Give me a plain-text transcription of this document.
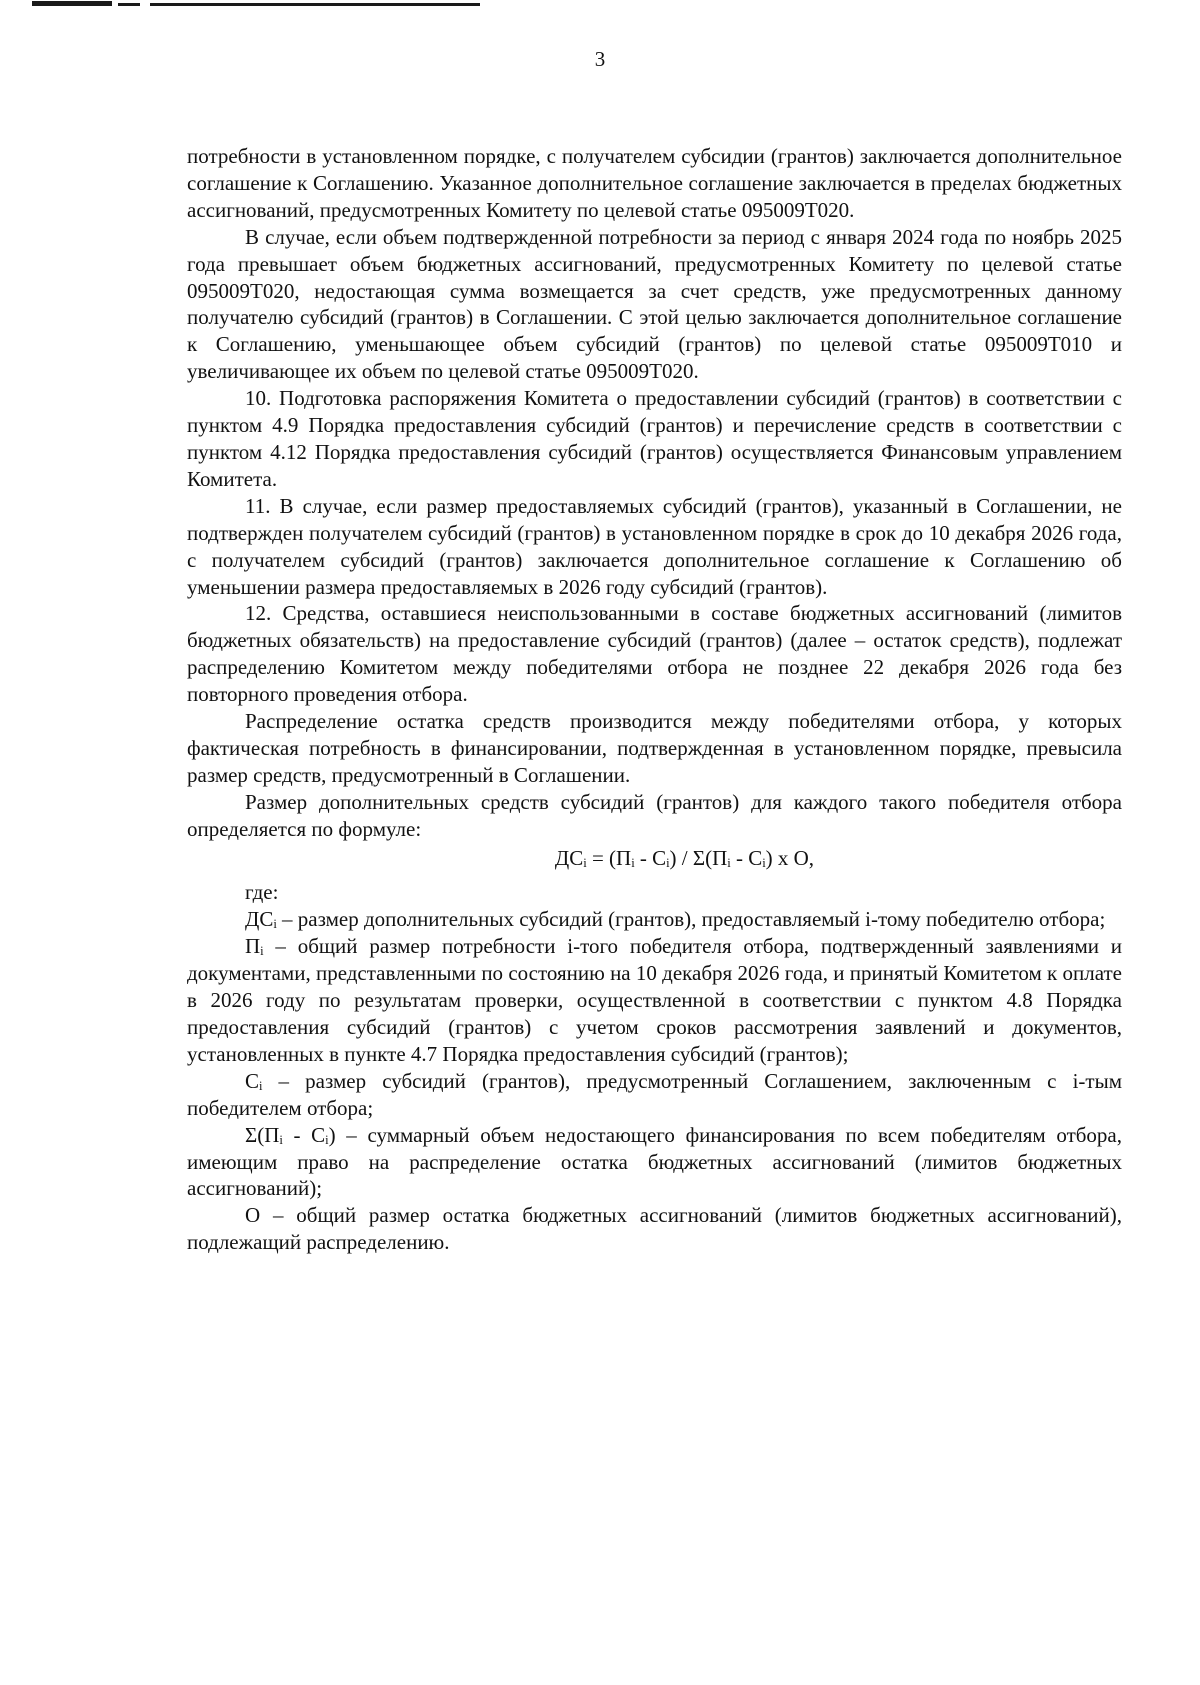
3

потребности в установленном порядке, с получателем субсидии (грантов) заключается дополнительное соглашение к Соглашению. Указанное дополнительное соглашение заключается в пределах бюджетных ассигнований, предусмотренных Комитету по целевой статье 095009Т020.

В случае, если объем подтвержденной потребности за период с января 2024 года по ноябрь 2025 года превышает объем бюджетных ассигнований, предусмотренных Комитету по целевой статье 095009Т020, недостающая сумма возмещается за счет средств, уже предусмотренных данному получателю субсидий (грантов) в Соглашении. С этой целью заключается дополнительное соглашение к Соглашению, уменьшающее объем субсидий (грантов) по целевой статье 095009Т010 и увеличивающее их объем по целевой статье 095009Т020.

10. Подготовка распоряжения Комитета о предоставлении субсидий (грантов) в соответствии с пунктом 4.9 Порядка предоставления субсидий (грантов) и перечисление средств в соответствии с пунктом 4.12 Порядка предоставления субсидий (грантов) осуществляется Финансовым управлением Комитета.

11. В случае, если размер предоставляемых субсидий (грантов), указанный в Соглашении, не подтвержден получателем субсидий (грантов) в установленном порядке в срок до 10 декабря 2026 года, с получателем субсидий (грантов) заключается дополнительное соглашение к Соглашению об уменьшении размера предоставляемых в 2026 году субсидий (грантов).

12. Средства, оставшиеся неиспользованными в составе бюджетных ассигнований (лимитов бюджетных обязательств) на предоставление субсидий (грантов) (далее – остаток средств), подлежат распределению Комитетом между победителями отбора не позднее 22 декабря 2026 года без повторного проведения отбора.

Распределение остатка средств производится между победителями отбора, у которых фактическая потребность в финансировании, подтвержденная в установленном порядке, превысила размер средств, предусмотренный в Соглашении.

Размер дополнительных средств субсидий (грантов) для каждого такого победителя отбора определяется по формуле:

ДСᵢ = (Пᵢ - Сᵢ) / Σ(Пᵢ - Сᵢ) х О,

где:

ДСᵢ – размер дополнительных субсидий (грантов), предоставляемый i-тому победителю отбора;

Пᵢ – общий размер потребности i-того победителя отбора, подтвержденный заявлениями и документами, представленными по состоянию на 10 декабря 2026 года, и принятый Комитетом к оплате в 2026 году по результатам проверки, осуществленной в соответствии с пунктом 4.8 Порядка предоставления субсидий (грантов) с учетом сроков рассмотрения заявлений и документов, установленных в пункте 4.7 Порядка предоставления субсидий (грантов);

Сᵢ – размер субсидий (грантов), предусмотренный Соглашением, заключенным с i-тым победителем отбора;

Σ(Пᵢ - Сᵢ) – суммарный объем недостающего финансирования по всем победителям отбора, имеющим право на распределение остатка бюджетных ассигнований (лимитов бюджетных ассигнований);

О – общий размер остатка бюджетных ассигнований (лимитов бюджетных ассигнований), подлежащий распределению.
